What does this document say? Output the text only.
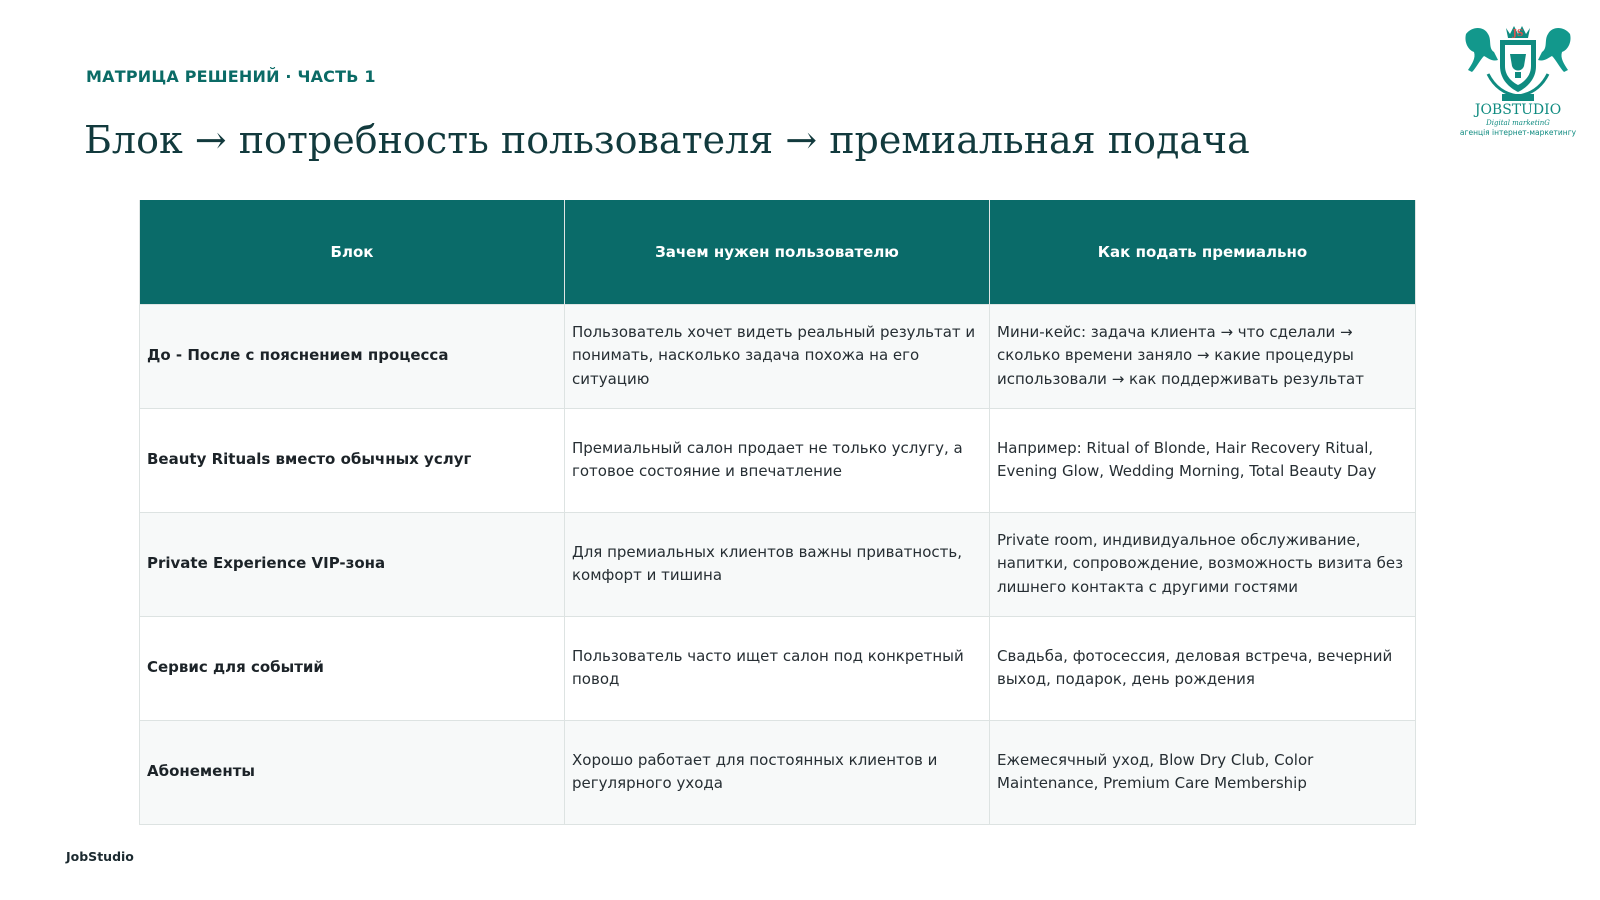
МАТРИЦА РЕШЕНИЙ · ЧАСТЬ 1
Блок → потребность пользователя → премиальная подача
JS
JOBSTUDIO
Digital marketinG
агенція інтернет-маркетингу
Блок	Зачем нужен пользователю	Как подать премиально
До - После с пояснением процесса	Пользователь хочет видеть реальный результат и понимать, насколько задача похожа на его ситуацию	Мини-кейс: задача клиента → что сделали → сколько времени заняло → какие процедуры использовали → как поддерживать результат
Beauty Rituals вместо обычных услуг	Премиальный салон продает не только услугу, а готовое состояние и впечатление	Например: Ritual of Blonde, Hair Recovery Ritual, Evening Glow, Wedding Morning, Total Beauty Day
Private Experience VIP-зона	Для премиальных клиентов важны приватность, комфорт и тишина	Private room, индивидуальное обслуживание, напитки, сопровождение, возможность визита без лишнего контакта с другими гостями
Сервис для событий	Пользователь часто ищет салон под конкретный повод	Свадьба, фотосессия, деловая встреча, вечерний выход, подарок, день рождения
Абонементы	Хорошо работает для постоянных клиентов и регулярного ухода	Ежемесячный уход, Blow Dry Club, Color Maintenance, Premium Care Membership
JobStudio
